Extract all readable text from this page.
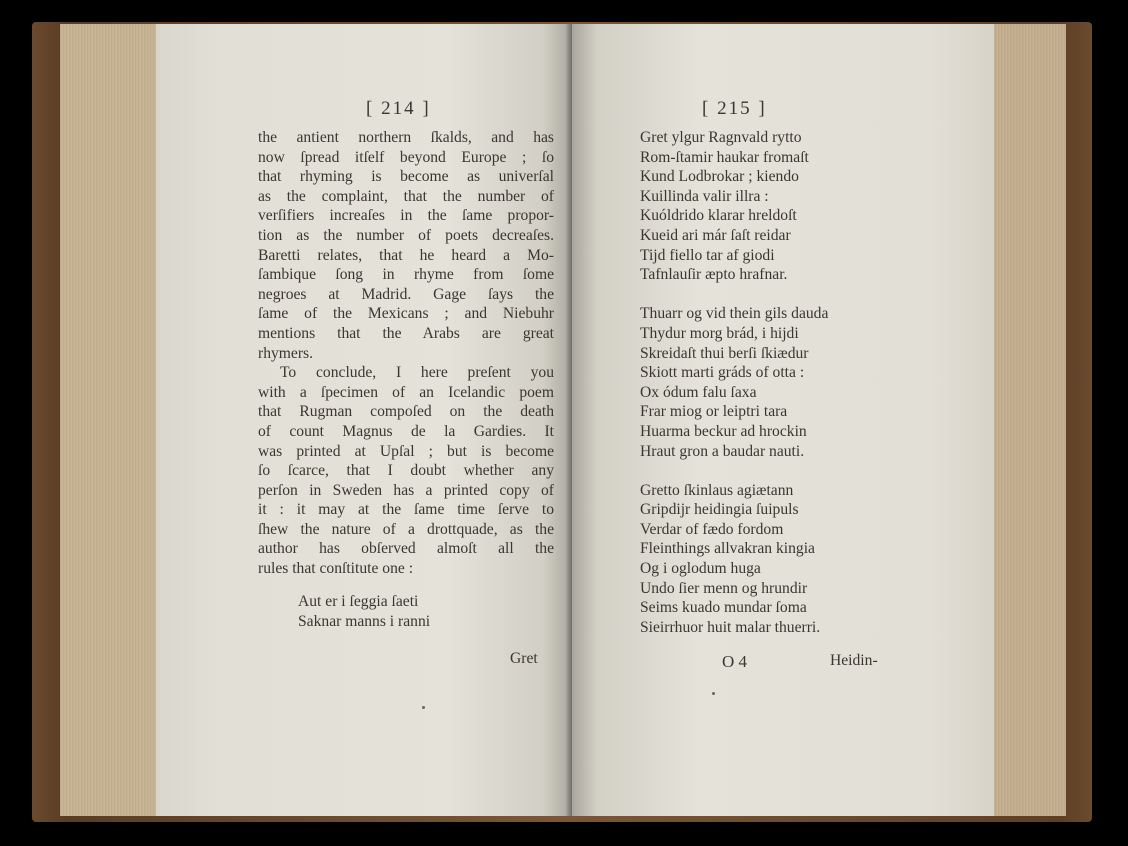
[ 214 ]
the antient northern ſkalds, and has
now ſpread itſelf beyond Europe ; ſo
that rhyming is become as univerſal
as the complaint, that the number of
verſifiers increaſes in the ſame propor-
tion as the number of poets decreaſes.
Baretti relates, that he heard a Mo-
ſambique ſong in rhyme from ſome
negroes at Madrid. Gage ſays the
ſame of the Mexicans ; and Niebuhr
mentions that the Arabs are great
rhymers.
To conclude, I here preſent you
with a ſpecimen of an Icelandic poem
that Rugman compoſed on the death
of count Magnus de la Gardies. It
was printed at Upſal ; but is become
ſo ſcarce, that I doubt whether any
perſon in Sweden has a printed copy of
it : it may at the ſame time ſerve to
ſhew the nature of a drottquade, as the
author has obſerved almoſt all the
rules that conſtitute one :
Aut er i ſeggia ſaeti
Saknar manns i ranni
Gret
[ 215 ]
Gret ylgur Ragnvald rytto
Rom-ſtamir haukar fromaſt
Kund Lodbrokar ; kiendo
Kuillinda valir illra :
Kuóldrido klarar hreldoſt
Kueid ari már ſaſt reidar
Tijd fiello tar af giodi
Tafnlauſir æpto hrafnar.
Thuarr og vid thein gils dauda
Thydur morg brád, i hijdi
Skreidaſt thui berſi ſkiædur
Skiott marti gráds of otta :
Ox ódum falu ſaxa
Frar miog or leiptri tara
Huarma beckur ad hrockin
Hraut gron a baudar nauti.
Gretto ſkinlaus agiætann
Gripdijr heidingia ſuipuls
Verdar of fædo fordom
Fleinthings allvakran kingia
Og i oglodum huga
Undo ſier menn og hrundir
Seims kuado mundar ſoma
Sieirrhuor huit malar thuerri.
O 4	Heidin-
